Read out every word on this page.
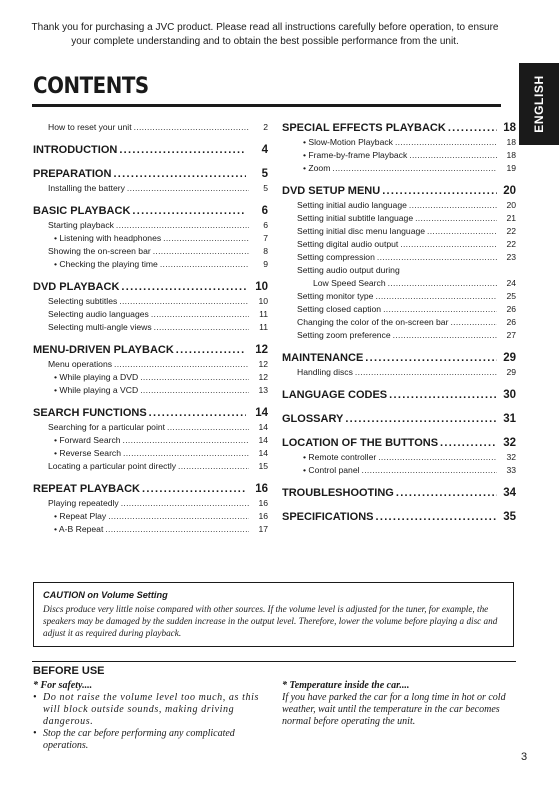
Thank you for purchasing a JVC product. Please read all instructions carefully before operation, to ensure your complete understanding and to obtain the best possible performance from the unit.
CONTENTS	ENGLISH
How to reset your unit .....	2
INTRODUCTION .....	4
PREPARATION .....	5
Installing the battery .....	5
BASIC PLAYBACK .....	6
Starting playback .....	6
• Listening with headphones .....	7
Showing the on-screen bar .....	8
• Checking the playing time .....	9
DVD PLAYBACK .....	10
Selecting subtitles .....	10
Selecting audio languages .....	11
Selecting multi-angle views .....	11
MENU-DRIVEN PLAYBACK .....	12
Menu operations .....	12
• While playing a DVD .....	12
• While playing a VCD .....	13
SEARCH FUNCTIONS .....	14
Searching for a particular point .....	14
• Forward Search .....	14
• Reverse Search .....	14
Locating a particular point directly .....	15
REPEAT PLAYBACK .....	16
Playing repeatedly .....	16
• Repeat Play .....	16
• A-B Repeat .....	17
SPECIAL EFFECTS PLAYBACK .....	18
• Slow-Motion Playback .....	18
• Frame-by-frame Playback .....	18
• Zoom .....	19
DVD SETUP MENU .....	20
Setting initial audio language .....	20
Setting initial subtitle language .....	21
Setting initial disc menu language .....	22
Setting digital audio output .....	22
Setting compression .....	23
Setting audio output during
Low Speed Search .....	24
Setting monitor type .....	25
Setting closed caption .....	26
Changing the color of the on-screen bar .....	26
Setting zoom preference .....	27
MAINTENANCE .....	29
Handling discs .....	29
LANGUAGE CODES .....	30
GLOSSARY .....	31
LOCATION OF THE BUTTONS .....	32
• Remote controller .....	32
• Control panel .....	33
TROUBLESHOOTING .....	34
SPECIFICATIONS .....	35
CAUTION on Volume Setting
Discs produce very little noise compared with other sources. If the volume level is adjusted for the tuner, for example, the speakers may be damaged by the sudden increase in the output level. Therefore, lower the volume before playing a disc and adjust it as required during playback.
BEFORE USE
* For safety....
• Do not raise the volume level too much, as this will block outside sounds, making driving dangerous.
• Stop the car before performing any complicated operations.
* Temperature inside the car....
If you have parked the car for a long time in hot or cold weather, wait until the temperature in the car becomes normal before operating the unit.
3
